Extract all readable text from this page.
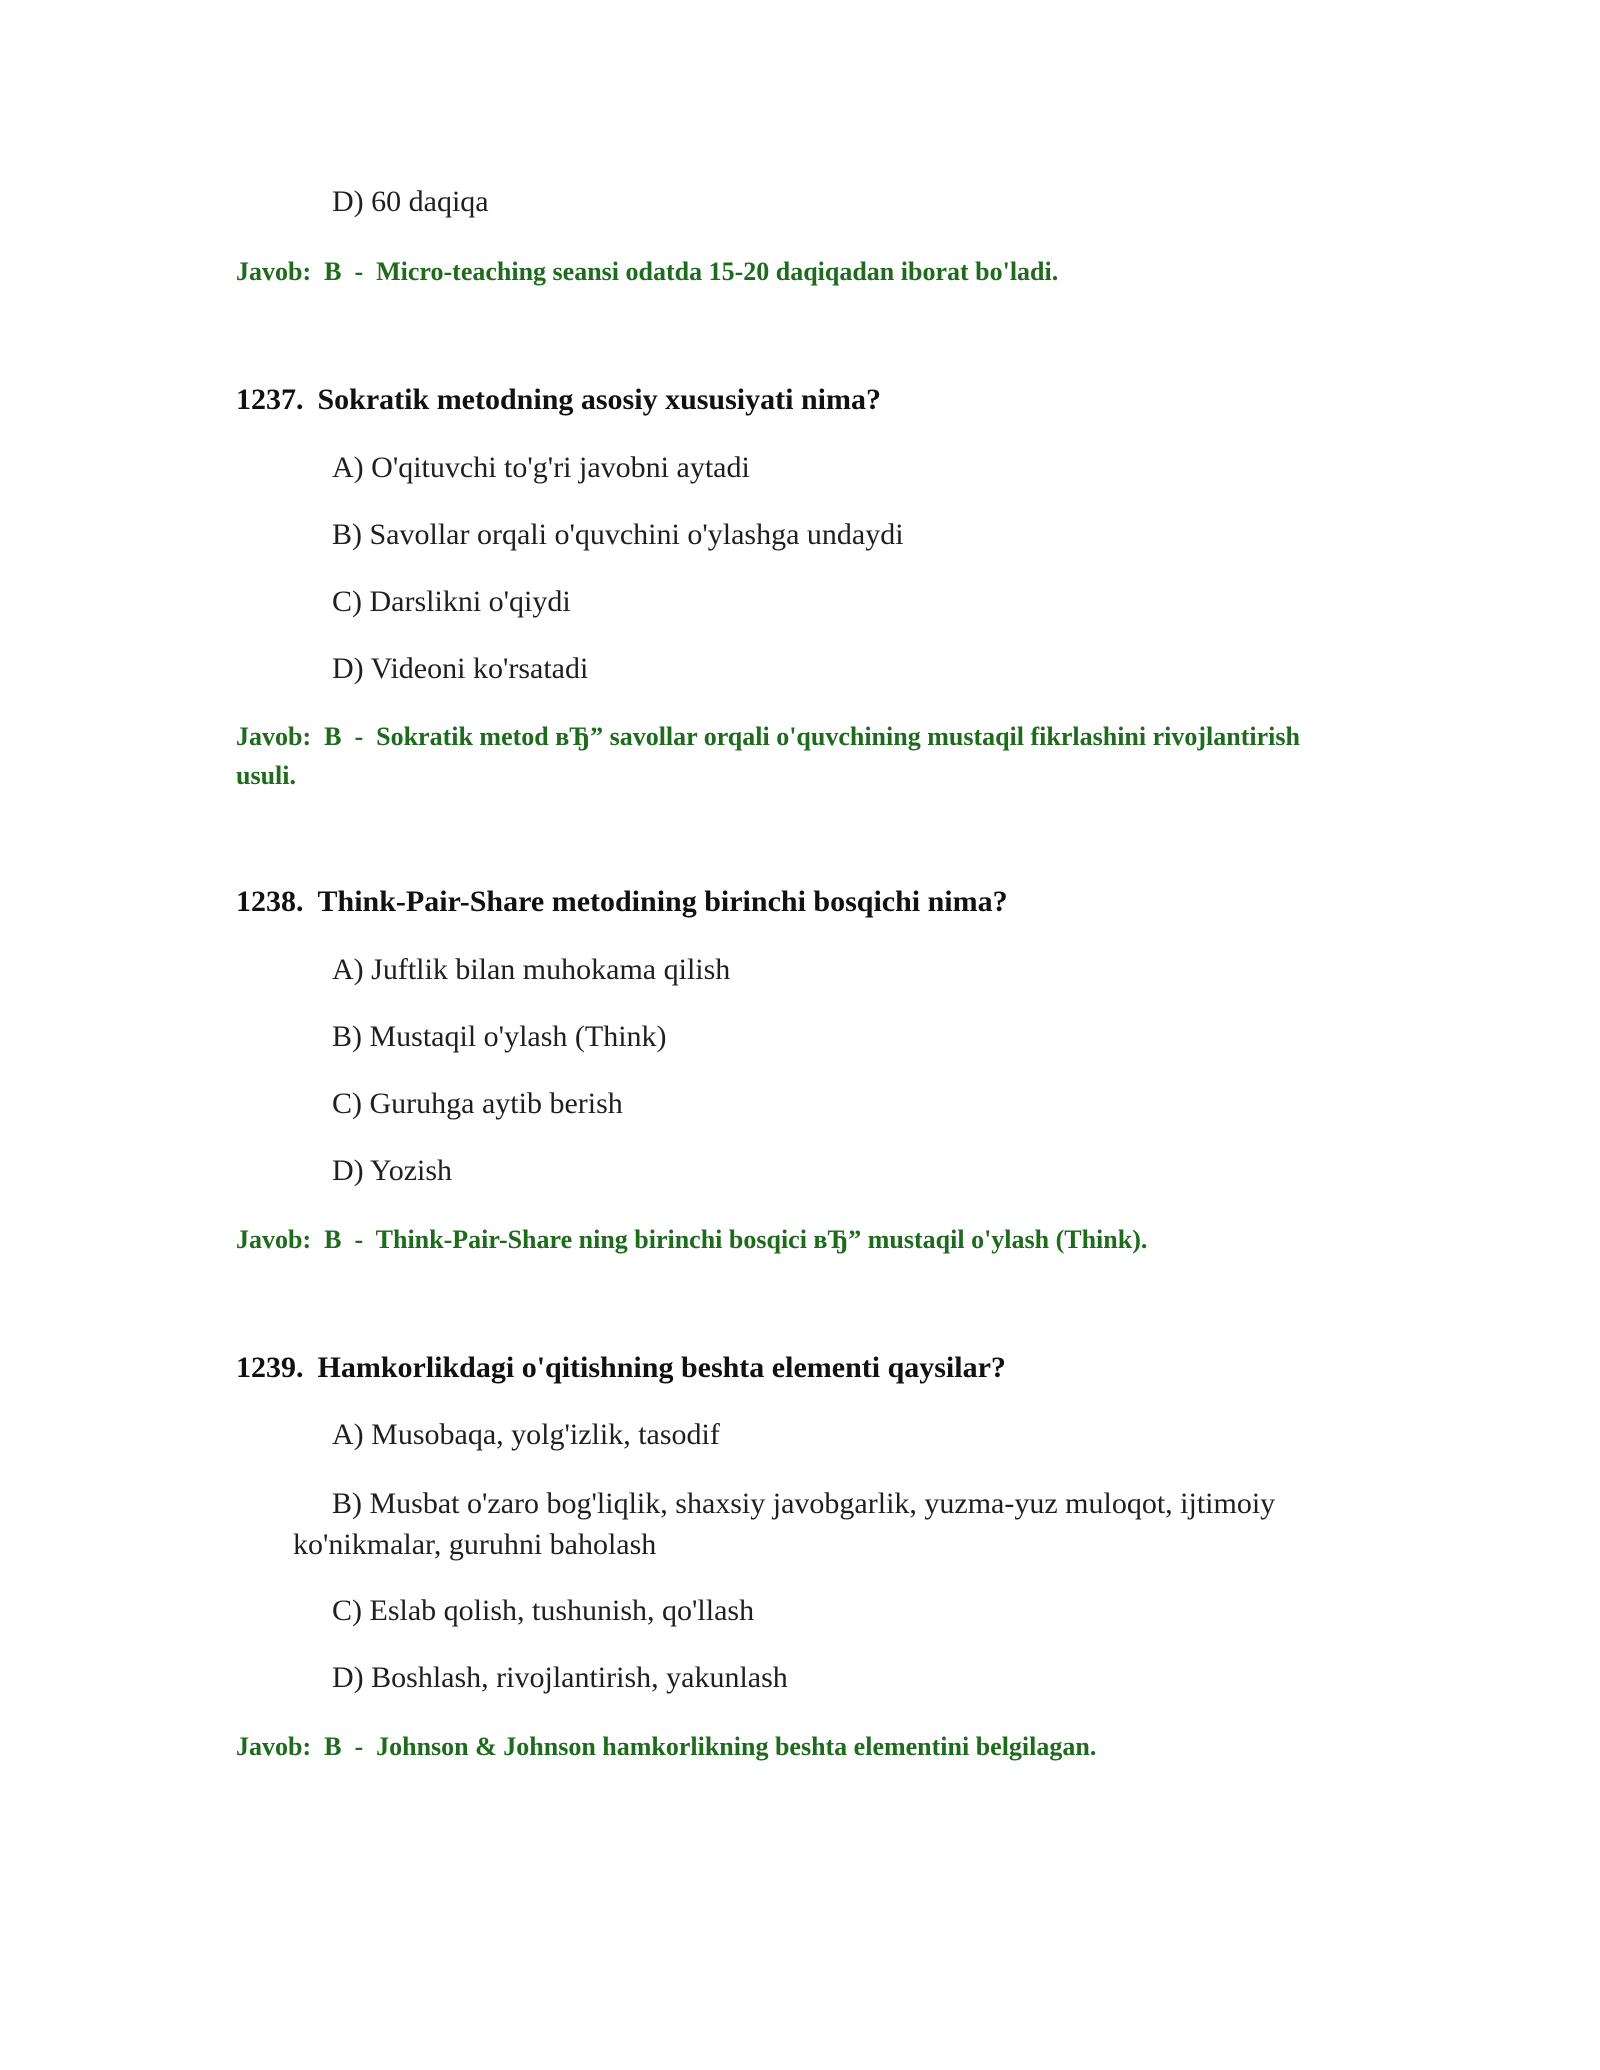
D) 60 daqiqa
Javob:  B  -  Micro-teaching seansi odatda 15-20 daqiqadan iborat bo'ladi.
1237. Sokratik metodning asosiy xususiyati nima?
A) O'qituvchi to'g'ri javobni aytadi
B) Savollar orqali o'quvchini o'ylashga undaydi
C) Darslikni o'qiydi
D) Videoni ko'rsatadi
Javob:  B  -  Sokratik metod вЂ” savollar orqali o'quvchining mustaqil fikrlashini rivojlantirish usuli.
1238. Think-Pair-Share metodining birinchi bosqichi nima?
A) Juftlik bilan muhokama qilish
B) Mustaqil o'ylash (Think)
C) Guruhga aytib berish
D) Yozish
Javob:  B  -  Think-Pair-Share ning birinchi bosqici вЂ” mustaqil o'ylash (Think).
1239. Hamkorlikdagi o'qitishning beshta elementi qaysilar?
A) Musobaqa, yolg'izlik, tasodif
B) Musbat o'zaro bog'liqlik, shaxsiy javobgarlik, yuzma-yuz muloqot, ijtimoiy ko'nikmalar, guruhni baholash
C) Eslab qolish, tushunish, qo'llash
D) Boshlash, rivojlantirish, yakunlash
Javob:  B  -  Johnson & Johnson hamkorlikning beshta elementini belgilagan.
